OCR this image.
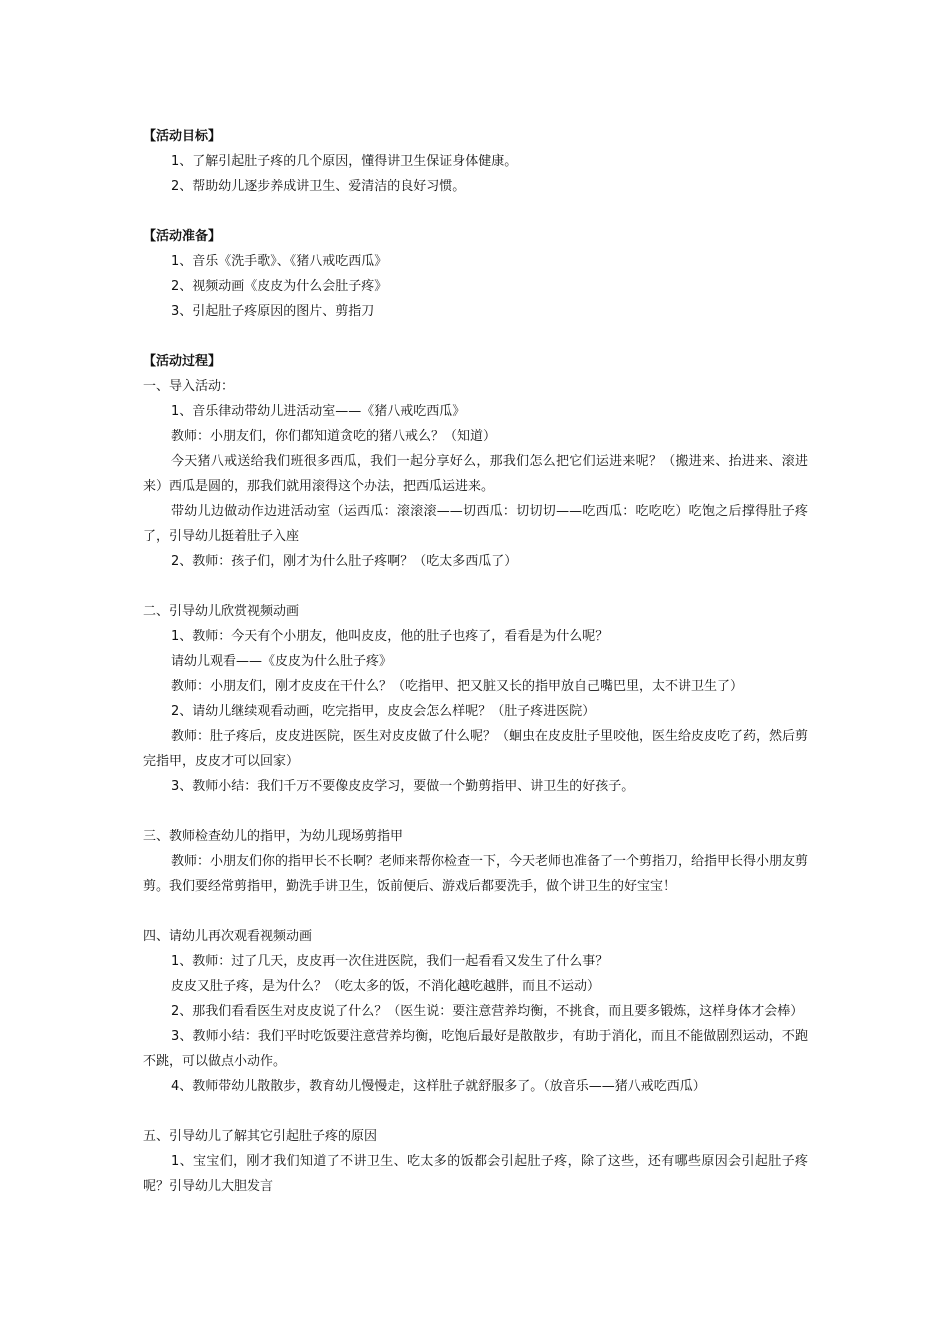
【活动目标】

1、了解引起肚子疼的几个原因，懂得讲卫生保证身体健康。

2、帮助幼儿逐步养成讲卫生、爱清洁的良好习惯。

【活动准备】

1、音乐《洗手歌》、《猪八戒吃西瓜》

2、视频动画《皮皮为什么会肚子疼》

3、引起肚子疼原因的图片、剪指刀

【活动过程】

一、导入活动：

1、音乐律动带幼儿进活动室——《猪八戒吃西瓜》

教师：小朋友们，你们都知道贪吃的猪八戒么？（知道）

今天猪八戒送给我们班很多西瓜，我们一起分享好么，那我们怎么把它们运进来呢？（搬进来、抬进来、滚进来）西瓜是圆的，那我们就用滚得这个办法，把西瓜运进来。

带幼儿边做动作边进活动室（运西瓜：滚滚滚——切西瓜：切切切——吃西瓜：吃吃吃）吃饱之后撑得肚子疼了，引导幼儿挺着肚子入座

2、教师：孩子们，刚才为什么肚子疼啊？（吃太多西瓜了）

二、引导幼儿欣赏视频动画

1、教师：今天有个小朋友，他叫皮皮，他的肚子也疼了，看看是为什么呢？

请幼儿观看——《皮皮为什么肚子疼》

教师：小朋友们，刚才皮皮在干什么？（吃指甲、把又脏又长的指甲放自己嘴巴里，太不讲卫生了）

2、请幼儿继续观看动画，吃完指甲，皮皮会怎么样呢？（肚子疼进医院）

教师：肚子疼后，皮皮进医院，医生对皮皮做了什么呢？（蛔虫在皮皮肚子里咬他，医生给皮皮吃了药，然后剪完指甲，皮皮才可以回家）

3、教师小结：我们千万不要像皮皮学习，要做一个勤剪指甲、讲卫生的好孩子。

三、教师检查幼儿的指甲，为幼儿现场剪指甲

教师：小朋友们你的指甲长不长啊？老师来帮你检查一下，今天老师也准备了一个剪指刀，给指甲长得小朋友剪剪。我们要经常剪指甲，勤洗手讲卫生，饭前便后、游戏后都要洗手，做个讲卫生的好宝宝！

四、请幼儿再次观看视频动画

1、教师：过了几天，皮皮再一次住进医院，我们一起看看又发生了什么事？

皮皮又肚子疼，是为什么？（吃太多的饭，不消化越吃越胖，而且不运动）

2、那我们看看医生对皮皮说了什么？（医生说：要注意营养均衡，不挑食，而且要多锻炼，这样身体才会棒）

3、教师小结：我们平时吃饭要注意营养均衡，吃饱后最好是散散步，有助于消化，而且不能做剧烈运动，不跑不跳，可以做点小动作。

4、教师带幼儿散散步，教育幼儿慢慢走，这样肚子就舒服多了。（放音乐——猪八戒吃西瓜）

五、引导幼儿了解其它引起肚子疼的原因

1、宝宝们，刚才我们知道了不讲卫生、吃太多的饭都会引起肚子疼，除了这些，还有哪些原因会引起肚子疼呢？引导幼儿大胆发言
